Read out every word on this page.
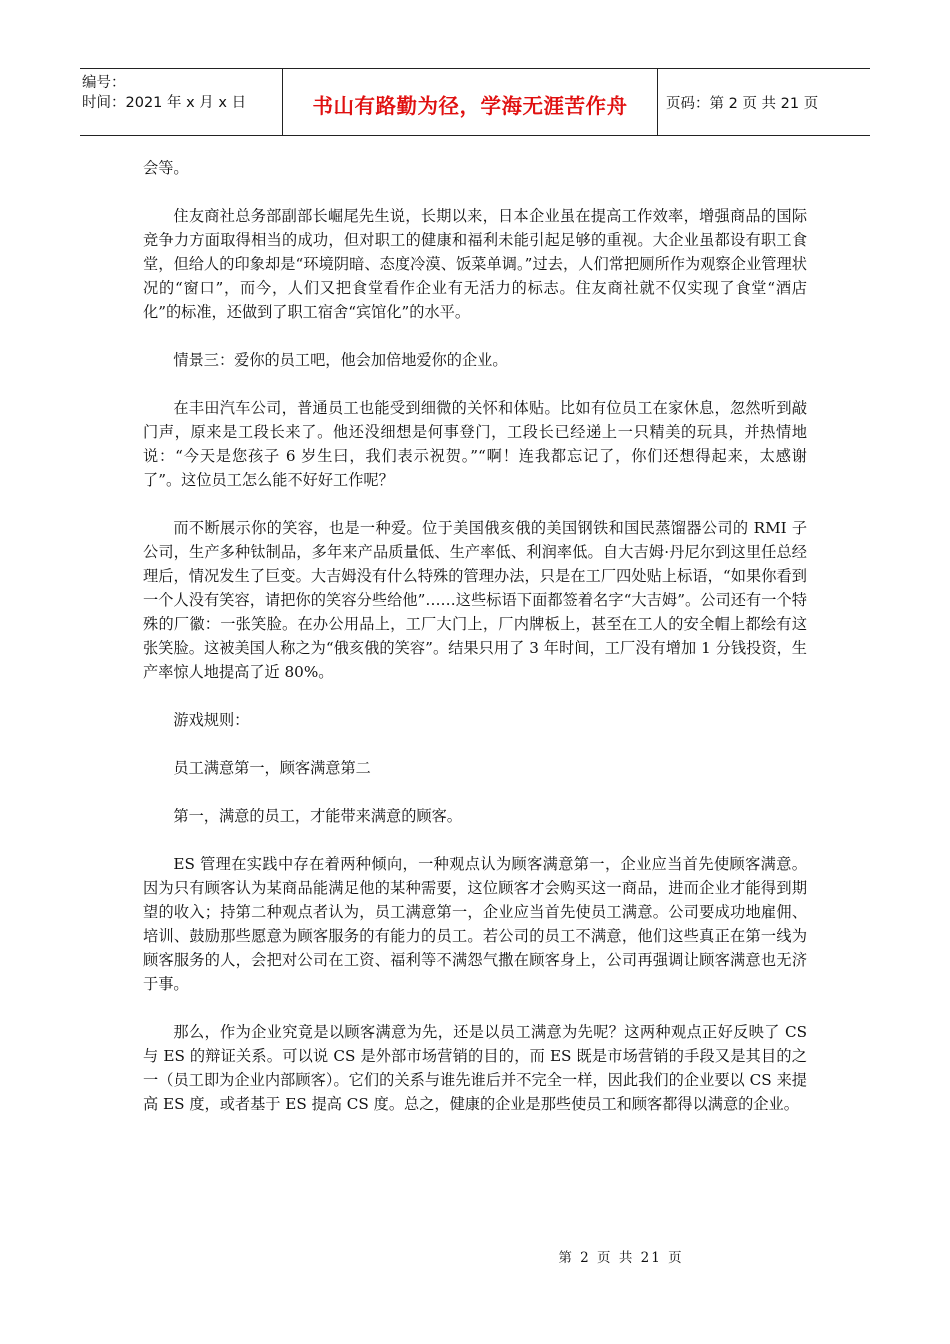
编号：
时间：2021 年 x 月 x 日	书山有路勤为径，学海无涯苦作舟	页码：第 2 页 共 21 页

会等。

住友商社总务部副部长崛尾先生说，长期以来，日本企业虽在提高工作效率，增强商品的国际竞争力方面取得相当的成功，但对职工的健康和福利未能引起足够的重视。大企业虽都设有职工食堂，但给人的印象却是“环境阴暗、态度冷漠、饭菜单调。”过去，人们常把厕所作为观察企业管理状况的“窗口”，而今，人们又把食堂看作企业有无活力的标志。住友商社就不仅实现了食堂“酒店化”的标准，还做到了职工宿舍“宾馆化”的水平。

情景三：爱你的员工吧，他会加倍地爱你的企业。

在丰田汽车公司，普通员工也能受到细微的关怀和体贴。比如有位员工在家休息，忽然听到敲门声，原来是工段长来了。他还没细想是何事登门，工段长已经递上一只精美的玩具，并热情地说：“今天是您孩子 6 岁生曰，我们表示祝贺。”“啊！连我都忘记了，你们还想得起来，太感谢了”。这位员工怎么能不好好工作呢？

而不断展示你的笑容，也是一种爱。位于美国俄亥俄的美国钢铁和国民蒸馏器公司的 RMI 子公司，生产多种钛制品，多年来产品质量低、生产率低、利润率低。自大吉姆·丹尼尔到这里任总经理后，情况发生了巨变。大吉姆没有什么特殊的管理办法，只是在工厂四处贴上标语，“如果你看到一个人没有笑容，请把你的笑容分些给他”……这些标语下面都签着名字“大吉姆”。公司还有一个特殊的厂徽：一张笑脸。在办公用品上，工厂大门上，厂内牌板上，甚至在工人的安全帽上都绘有这张笑脸。这被美国人称之为“俄亥俄的笑容”。结果只用了 3 年时间，工厂没有增加 1 分钱投资，生产率惊人地提高了近 80%。

游戏规则：

员工满意第一，顾客满意第二

第一，满意的员工，才能带来满意的顾客。

ES 管理在实践中存在着两种倾向，一种观点认为顾客满意第一，企业应当首先使顾客满意。因为只有顾客认为某商品能满足他的某种需要，这位顾客才会购买这一商品，进而企业才能得到期望的收入；持第二种观点者认为，员工满意第一，企业应当首先使员工满意。公司要成功地雇佣、培训、鼓励那些愿意为顾客服务的有能力的员工。若公司的员工不满意，他们这些真正在第一线为顾客服务的人，会把对公司在工资、福利等不满怨气撒在顾客身上，公司再强调让顾客满意也无济于事。

那么，作为企业究竟是以顾客满意为先，还是以员工满意为先呢？这两种观点正好反映了 CS 与 ES 的辩证关系。可以说 CS 是外部市场营销的目的，而 ES 既是市场营销的手段又是其目的之一（员工即为企业内部顾客）。它们的关系与谁先谁后并不完全一样，因此我们的企业要以 CS 来提高 ES 度，或者基于 ES 提高 CS 度。总之，健康的企业是那些使员工和顾客都得以满意的企业。

第 2 页 共 21 页
